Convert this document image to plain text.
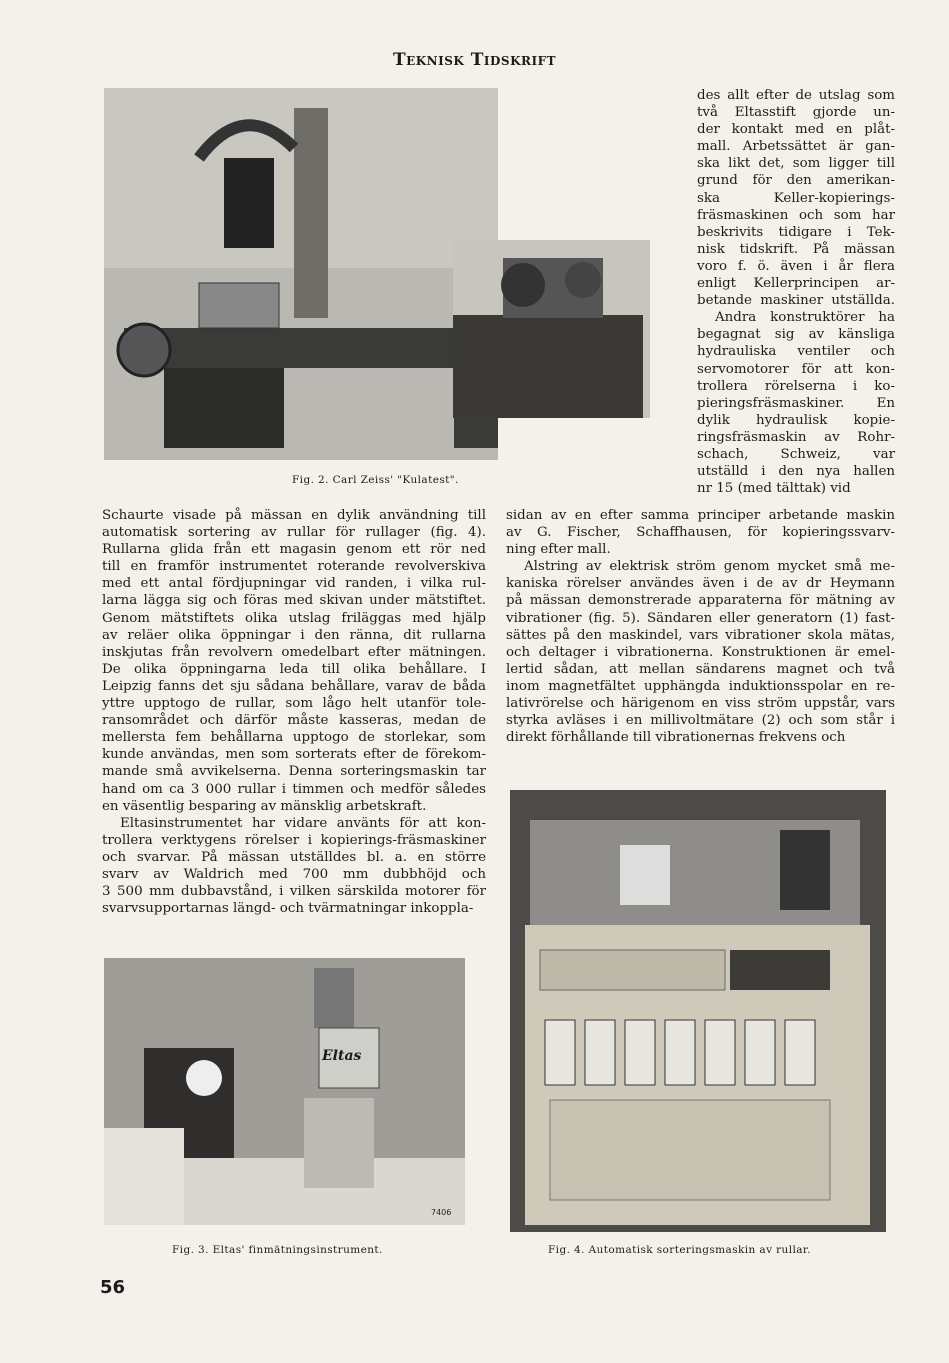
Teknisk Tidskrift
Fig. 2. Carl Zeiss' "Kulatest".
des allt efter de utslag som
två Eltasstift gjorde un-
der kontakt med en plåt-
mall. Arbetssättet är gan-
ska likt det, som ligger till
grund för den amerikan-
ska Keller-kopierings-
fräsmaskinen och som har
beskrivits tidigare i Tek-
nisk tidskrift. På mässan
voro f. ö. även i år flera
enligt Kellerprincipen ar-
betande maskiner utställda.
Andra konstruktörer ha
begagnat sig av känsliga
hydrauliska ventiler och
servomotorer för att kon-
trollera rörelserna i ko-
pieringsfräsmaskiner. En
dylik hydraulisk kopie-
ringsfräsmaskin av Rohr-
schach, Schweiz, var
utställd i den nya hallen
nr 15 (med tälttak) vid
sidan av en efter samma principer arbetande maskin
av G. Fischer, Schaffhausen, för kopieringssvarv-
ning efter mall.
Alstring av elektrisk ström genom mycket små me-
kaniska rörelser användes även i de av dr Heymann
på mässan demonstrerade apparaterna för mätning av
vibrationer (fig. 5). Sändaren eller generatorn (1) fast-
sättes på den maskindel, vars vibrationer skola mätas,
och deltager i vibrationerna. Konstruktionen är emel-
lertid sådan, att mellan sändarens magnet och två
inom magnetfältet upphängda induktionsspolar en re-
lativrörelse och härigenom en viss ström uppstår, vars
styrka avläses i en millivoltmätare (2) och som står i
direkt förhållande till vibrationernas frekvens och
Schaurte visade på mässan en dylik användning till
automatisk sortering av rullar för rullager (fig. 4).
Rullarna glida från ett magasin genom ett rör ned
till en framför instrumentet roterande revolverskiva
med ett antal fördjupningar vid randen, i vilka rul-
larna lägga sig och föras med skivan under mätstiftet.
Genom mätstiftets olika utslag friläggas med hjälp
av reläer olika öppningar i den ränna, dit rullarna
inskjutas från revolvern omedelbart efter mätningen.
De olika öppningarna leda till olika behållare. I
Leipzig fanns det sju sådana behållare, varav de båda
yttre upptogo de rullar, som lågo helt utanför tole-
ransområdet och därför måste kasseras, medan de
mellersta fem behållarna upptogo de storlekar, som
kunde användas, men som sorterats efter de förekom-
mande små avvikelserna. Denna sorteringsmaskin tar
hand om ca 3 000 rullar i timmen och medför således
en väsentlig besparing av mänsklig arbetskraft.
Eltasinstrumentet har vidare använts för att kon-
trollera verktygens rörelser i kopierings-fräsmaskiner
och svarvar. På mässan utställdes bl. a. en större
svarv av Waldrich med 700 mm dubbhöjd och
3 500 mm dubbavstånd, i vilken särskilda motorer för
svarvsupportarnas längd- och tvärmatningar inkoppla-
Eltas
7406
Fig. 3. Eltas' finmätningsinstrument.	Fig. 4. Automatisk sorteringsmaskin av rullar.
56
